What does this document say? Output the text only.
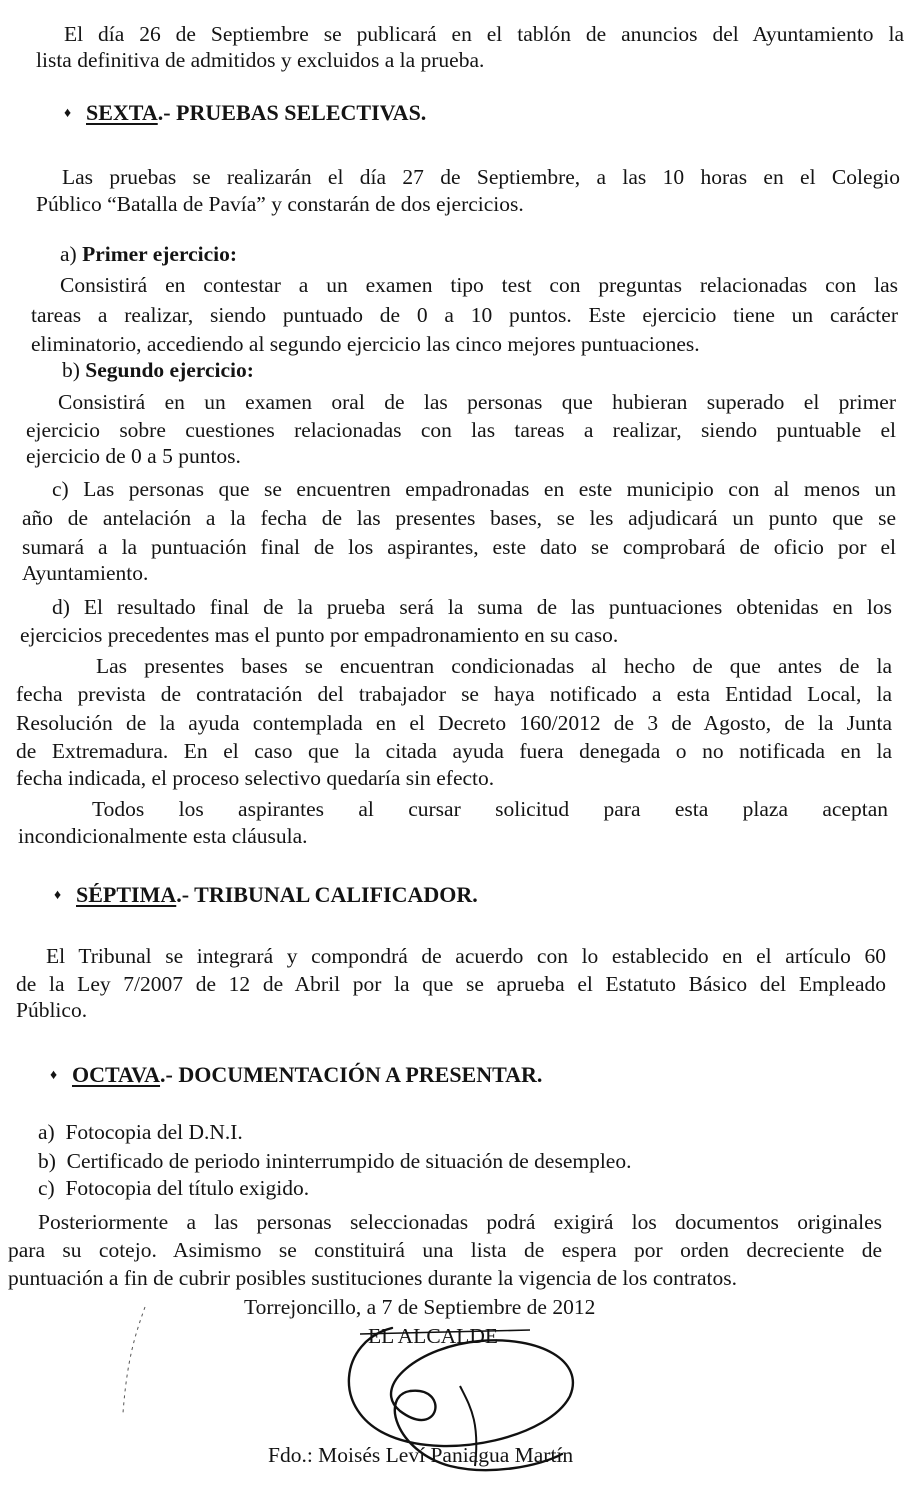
El día 26 de Septiembre se publicará en el tablón de anuncios del Ayuntamiento la

lista definitiva de admitidos y excluidos a la prueba.

♦ SEXTA.- PRUEBAS SELECTIVAS.

Las pruebas se realizarán el día 27 de Septiembre, a las 10 horas en el Colegio

Público “Batalla de Pavía” y constarán de dos ejercicios.

a) Primer ejercicio:

Consistirá en contestar a un examen tipo test con preguntas relacionadas con las

tareas a realizar, siendo puntuado de 0 a 10 puntos. Este ejercicio tiene un carácter

eliminatorio, accediendo al segundo ejercicio las cinco mejores puntuaciones.

b) Segundo ejercicio:

Consistirá en un examen oral de las personas que hubieran superado el primer

ejercicio sobre cuestiones relacionadas con las tareas a realizar, siendo puntuable el

ejercicio de 0 a 5 puntos.

c) Las personas que se encuentren empadronadas en este municipio con al menos un

año de antelación a la fecha de las presentes bases, se les adjudicará un punto que se

sumará a la puntuación final de los aspirantes, este dato se comprobará de oficio por el

Ayuntamiento.

d) El resultado final de la prueba será la suma de las puntuaciones obtenidas en los

ejercicios precedentes mas el punto por empadronamiento en su caso.

Las presentes bases se encuentran condicionadas al hecho de que antes de la

fecha prevista de contratación del trabajador se haya notificado a esta Entidad Local, la

Resolución de la ayuda contemplada en el Decreto 160/2012 de 3 de Agosto, de la Junta

de Extremadura. En el caso que la citada ayuda fuera denegada o no notificada en la

fecha indicada, el proceso selectivo quedaría sin efecto.

Todos los aspirantes al cursar solicitud para esta plaza aceptan

incondicionalmente esta cláusula.

♦ SÉPTIMA.- TRIBUNAL CALIFICADOR.

El Tribunal se integrará y compondrá de acuerdo con lo establecido en el artículo 60

de la Ley 7/2007 de 12 de Abril por la que se aprueba el Estatuto Básico del Empleado

Público.

♦ OCTAVA.- DOCUMENTACIÓN A PRESENTAR.

a) Fotocopia del D.N.I.

b) Certificado de periodo ininterrumpido de situación de desempleo.

c) Fotocopia del título exigido.

Posteriormente a las personas seleccionadas podrá exigirá los documentos originales

para su cotejo. Asimismo se constituirá una lista de espera por orden decreciente de

puntuación a fin de cubrir posibles sustituciones durante la vigencia de los contratos.

Torrejoncillo, a 7 de Septiembre de 2012

EL ALCALDE

Fdo.: Moisés Leví Paniagua Martín
